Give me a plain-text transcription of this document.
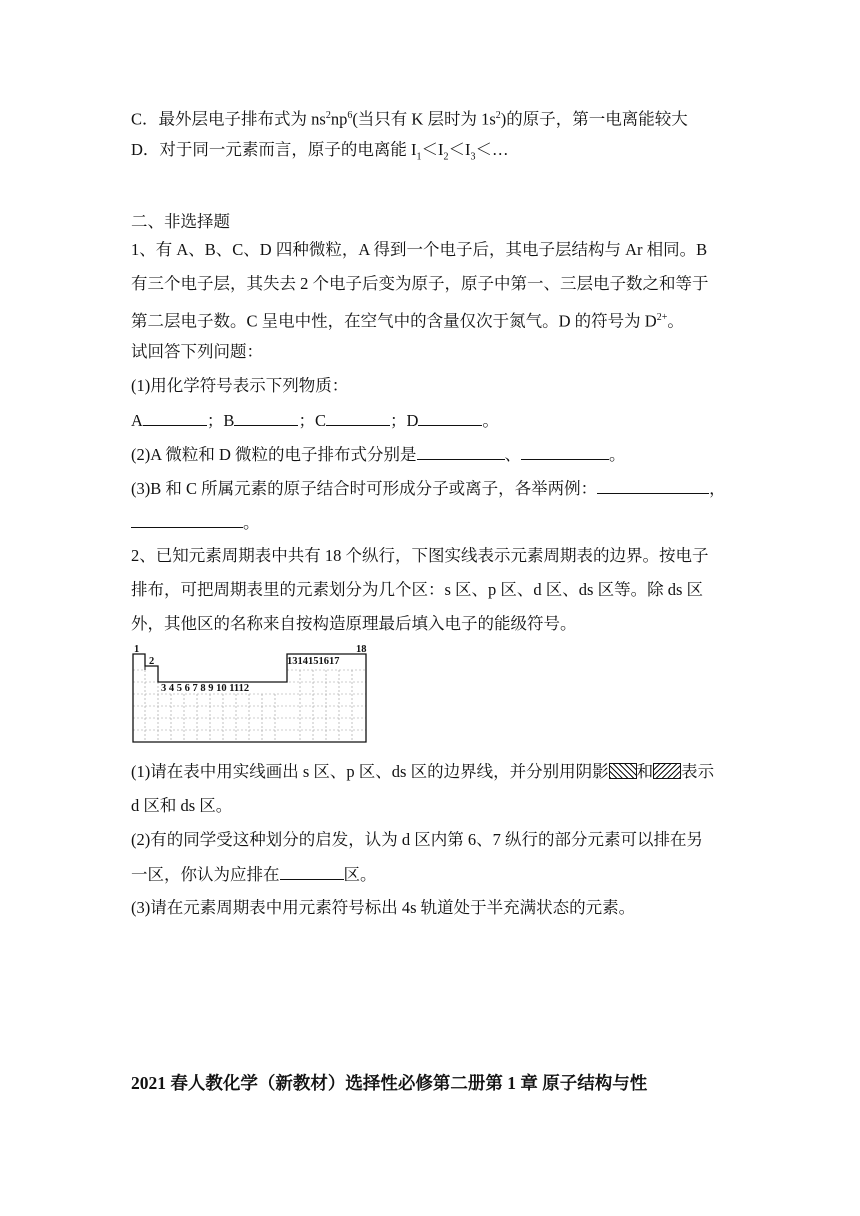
C．最外层电子排布式为 $ns^2np^6$(当只有 K 层时为 $1s^2$)的原子，第一电离能较大
D．对于同一元素而言，原子的电离能 $I_1<I_2<I_3<\dots$
二、非选择题
1、有 A、B、C、D 四种微粒，A 得到一个电子后，其电子层结构与 Ar 相同。B
有三个电子层，其失去 2 个电子后变为原子，原子中第一、三层电子数之和等于
第二层电子数。C 呈电中性，在空气中的含量仅次于氮气。D 的符号为 $D^{2+}$。
试回答下列问题：
(1)用化学符号表示下列物质：
A	；B	；C	；D	。
(2)A 微粒和 D 微粒的电子排布式分别是	、	。
(3)B 和 C 所属元素的原子结合时可形成分子或离子，各举两例：	，
。
2、已知元素周期表中共有 18 个纵行，下图实线表示元素周期表的边界。按电子
排布，可把周期表里的元素划分为几个区：s 区、p 区、d 区、ds 区等。除 ds 区
外，其他区的名称来自按构造原理最后填入电子的能级符号。
1
2
3 4 5 6 7 8 9 10 1112
1314151617
18
(1)请在表中用实线画出 s 区、p 区、ds 区的边界线，并分别用阴影 和 表示
d 区和 ds 区。
(2)有的同学受这种划分的启发，认为 d 区内第 6、7 纵行的部分元素可以排在另
一区，你认为应排在	区。
(3)请在元素周期表中用元素符号标出 4s 轨道处于半充满状态的元素。
2021 春人教化学（新教材）选择性必修第二册第 1 章 原子结构与性
